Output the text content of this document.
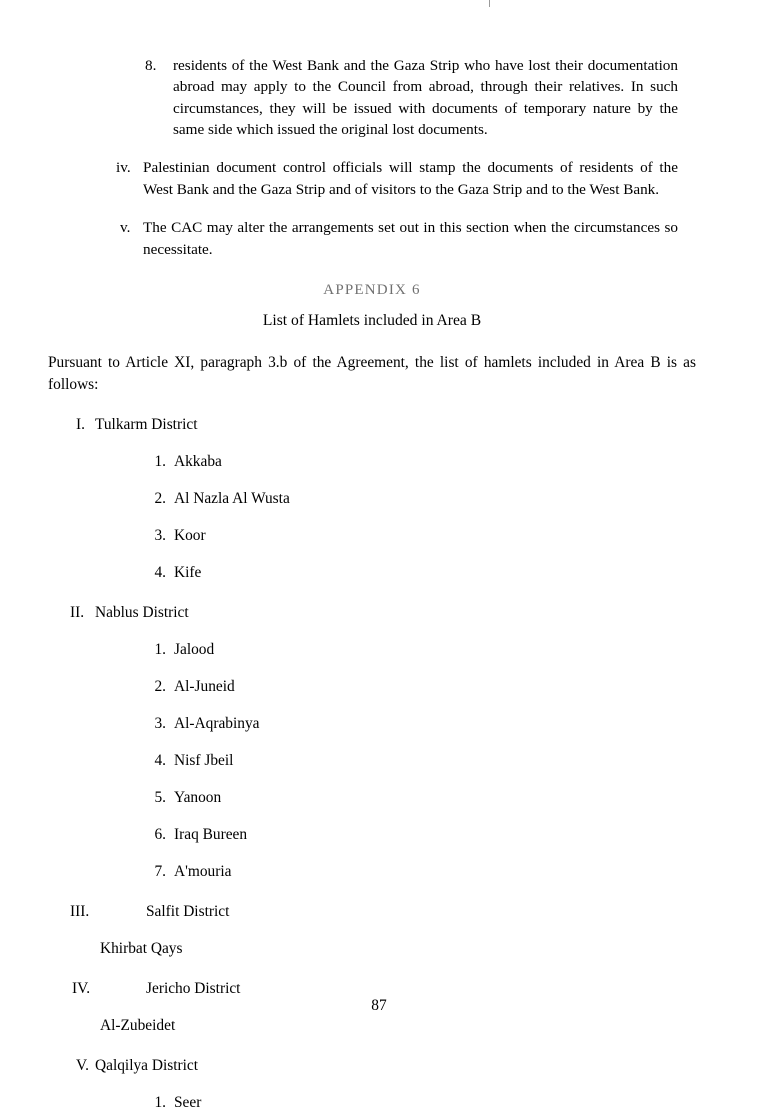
8. residents of the West Bank and the Gaza Strip who have lost their documentation abroad may apply to the Council from abroad, through their relatives. In such circumstances, they will be issued with documents of temporary nature by the same side which issued the original lost documents.
iv. Palestinian document control officials will stamp the documents of residents of the West Bank and the Gaza Strip and of visitors to the Gaza Strip and to the West Bank.
v. The CAC may alter the arrangements set out in this section when the circumstances so necessitate.
APPENDIX 6
List of Hamlets included in Area B
Pursuant to Article XI, paragraph 3.b of the Agreement, the list of hamlets included in Area B is as follows:
I. Tulkarm District
1. Akkaba
2. Al Nazla Al Wusta
3. Koor
4. Kife
II. Nablus District
1. Jalood
2. Al-Juneid
3. Al-Aqrabinya
4. Nisf Jbeil
5. Yanoon
6. Iraq Bureen
7. A'mouria
III.	Salfit District
Khirbat Qays
IV.	Jericho District
Al-Zubeidet
V. Qalqilya District
1. Seer
87
